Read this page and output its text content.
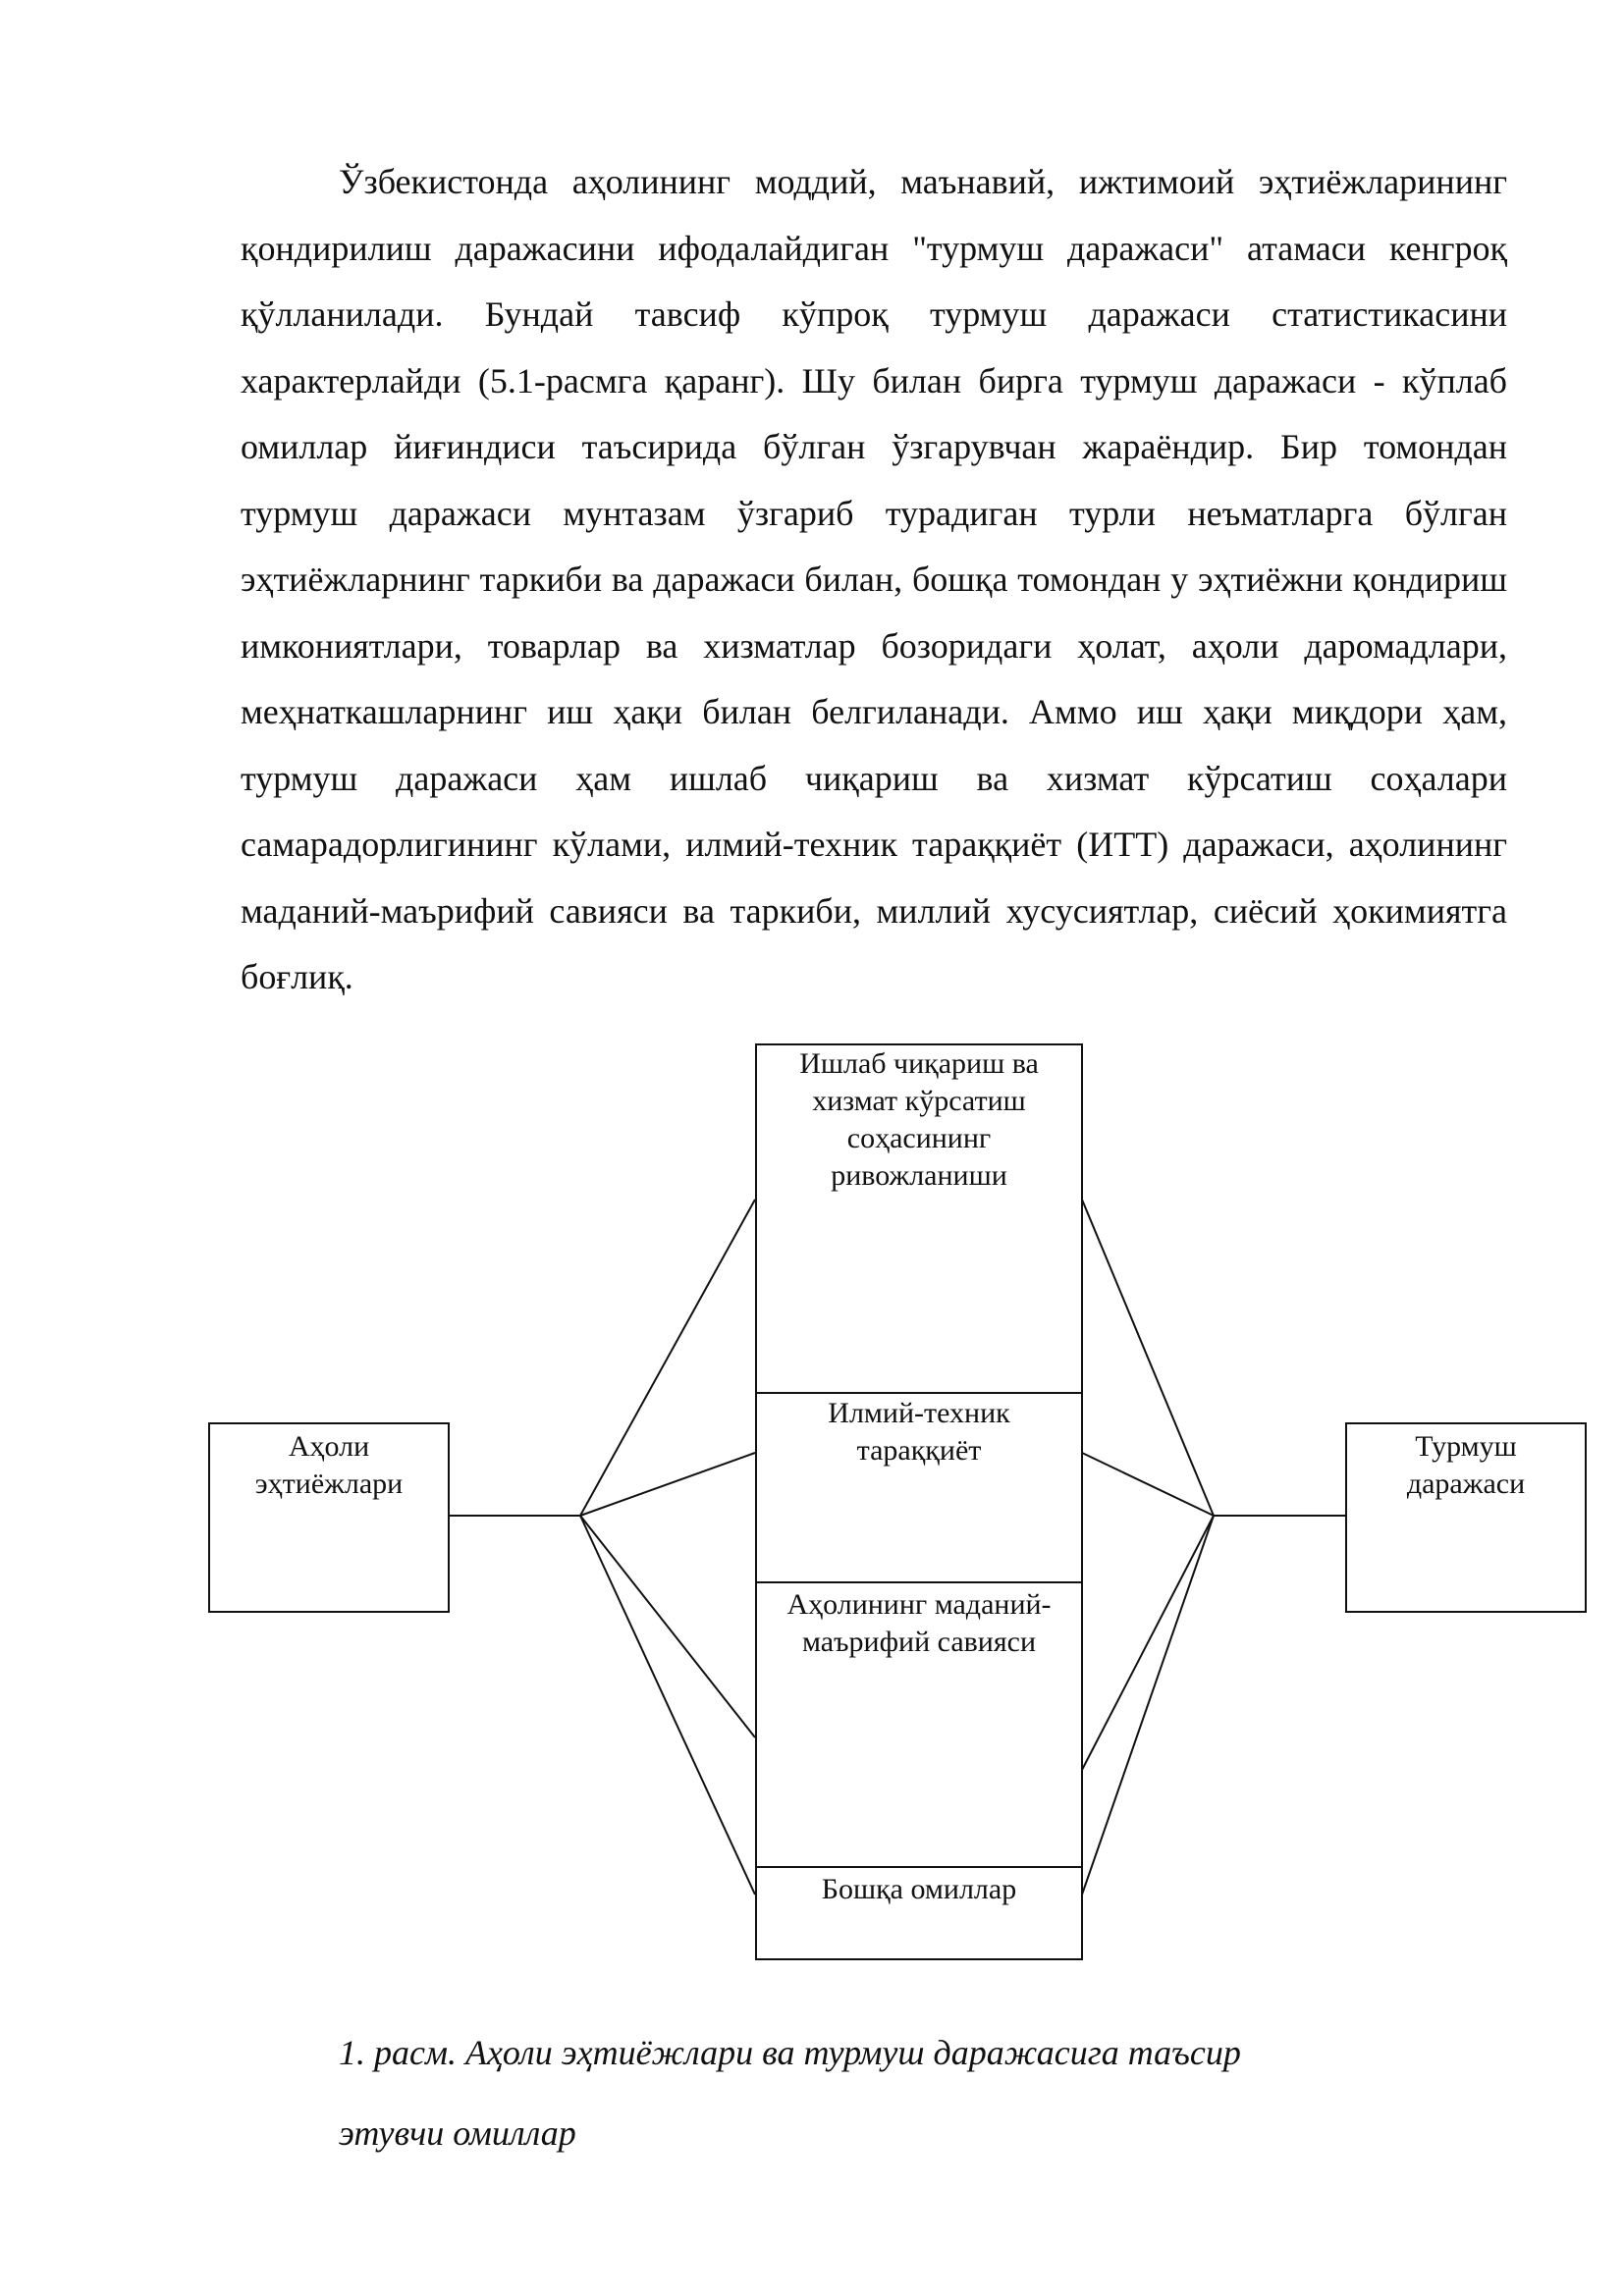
Ўзбекистонда аҳолининг моддий, маънавий, ижтимоий эҳтиёжларининг қондирилиш даражасини ифодалайдиган "турмуш даражаси" атамаси кенгроқ қўлланилади. Бундай тавсиф кўпроқ турмуш даражаси статистикасини характерлайди (5.1-расмга қаранг). Шу билан бирга турмуш даражаси - кўплаб омиллар йиғиндиси таъсирида бўлган ўзгарувчан жараёндир. Бир томондан турмуш даражаси мунтазам ўзгариб турадиган турли неъматларга бўлган эҳтиёжларнинг таркиби ва даражаси билан, бошқа томондан у эҳтиёжни қондириш имкониятлари, товарлар ва хизматлар бозоридаги ҳолат, аҳоли даромадлари, меҳнаткашларнинг иш ҳақи билан белгиланади. Аммо иш ҳақи миқдори ҳам, турмуш даражаси ҳам ишлаб чиқариш ва хизмат кўрсатиш соҳалари самарадорлигининг кўлами, илмий-техник тараққиёт (ИТТ) даражаси, аҳолининг маданий-маърифий савияси ва таркиби, миллий хусусиятлар, сиёсий ҳокимиятга боғлиқ.

Аҳоли
эҳтиёжлари
Турмуш
даражаси
Ишлаб чиқариш ва
хизмат кўрсатиш
соҳасининг
ривожланиши
Илмий-техник
тараққиёт
Аҳолининг маданий-
маърифий савияси
Бошқа омиллар
1. расм. Аҳоли эҳтиёжлари ва турмуш даражасига таъсир
этувчи омиллар
